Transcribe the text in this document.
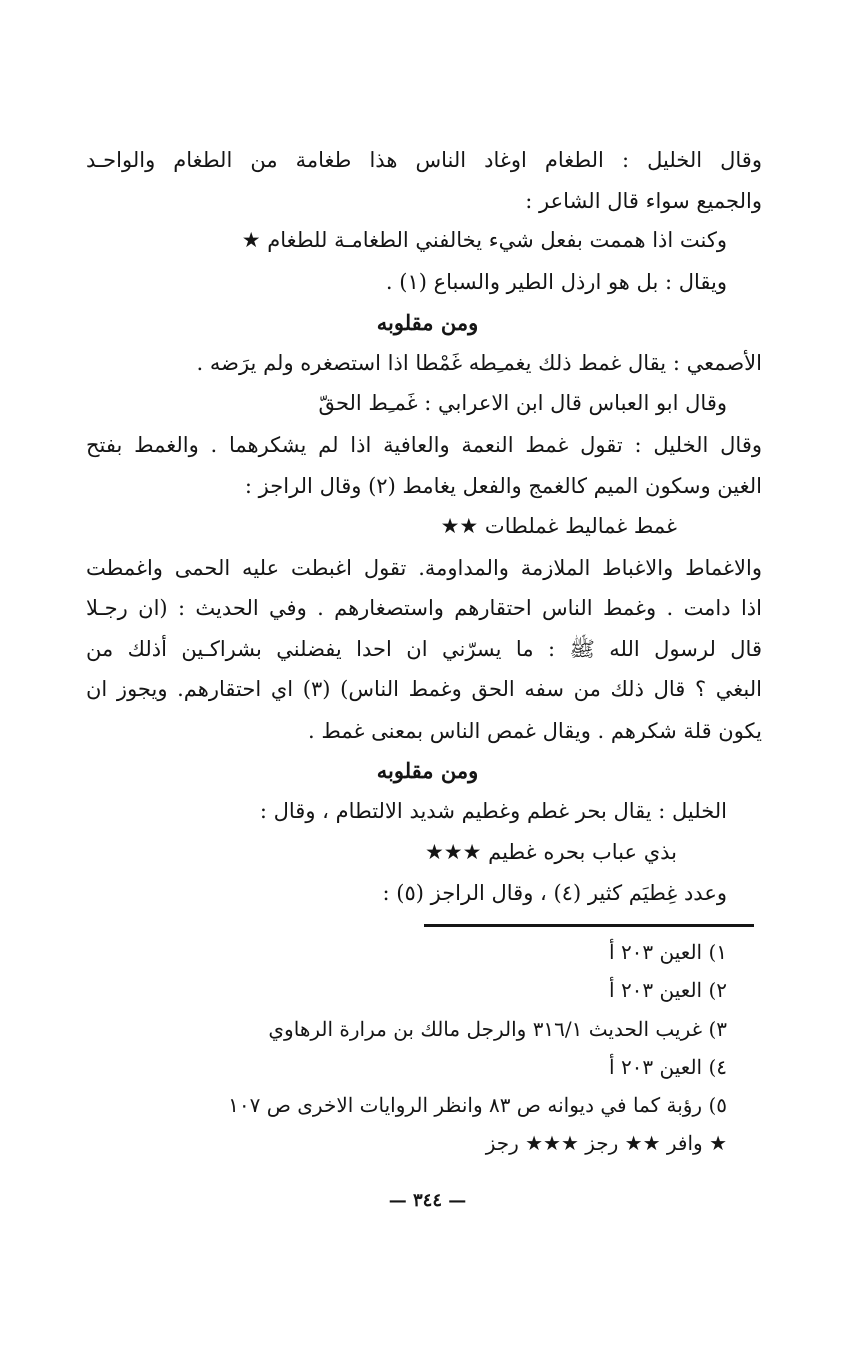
وقال الخليل : الطغام اوغاد الناس هذا طغامة من الطغام والواحـد
والجميع سواء قال الشاعر :
وكنت اذا هممت بفعل شيء يخالفني الطغامـة للطغام ★
ويقال : بل هو ارذل الطير والسباع (١) .
ومن مقلوبه
الأصمعي : يقال غمط ذلك يغمـِطه غَمْطا اذا استصغره ولم يرَضه .
وقال ابو العباس قال ابن الاعرابي : غَمـِط الحقّ
وقال الخليل : تقول غمط النعمة والعافية اذا لم يشكرهما . والغمط بفتح
الغين وسكون الميم كالغمج والفعل يغامط (٢) وقال الراجز :
غمط غماليط غملطات ★★
والاغماط والاغباط الملازمة والمداومة. تقول اغبطت عليه الحمى واغمطت
اذا دامت . وغمط الناس احتقارهم واستصغارهم . وفي الحديث : (ان رجـلا
قال لرسول الله ﷺ : ما يسرّني ان احدا يفضلني بشراكـين أذلك من
البغي ؟ قال ذلك من سفه الحق وغمط الناس) (٣) اي احتقارهم. ويجوز ان
يكون قلة شكرهم . ويقال غمص الناس بمعنى غمط .
ومن مقلوبه
الخليل : يقال بحر غطم وغطيم شديد الالتطام ، وقال :
بذي عباب بحره غطيم ★★★
وعدد غِطيَم كثير (٤) ، وقال الراجز (٥) :
١) العين ٢٠٣ أ
٢) العين ٢٠٣ أ
٣) غريب الحديث ٣١٦/١ والرجل مالك بن مرارة الرهاوي
٤) العين ٢٠٣ أ
٥) رؤبة كما في ديوانه ص ٨٣ وانظر الروايات الاخرى ص ١٠٧
★ وافر ★★ رجز ★★★ رجز
— ٣٤٤ —
